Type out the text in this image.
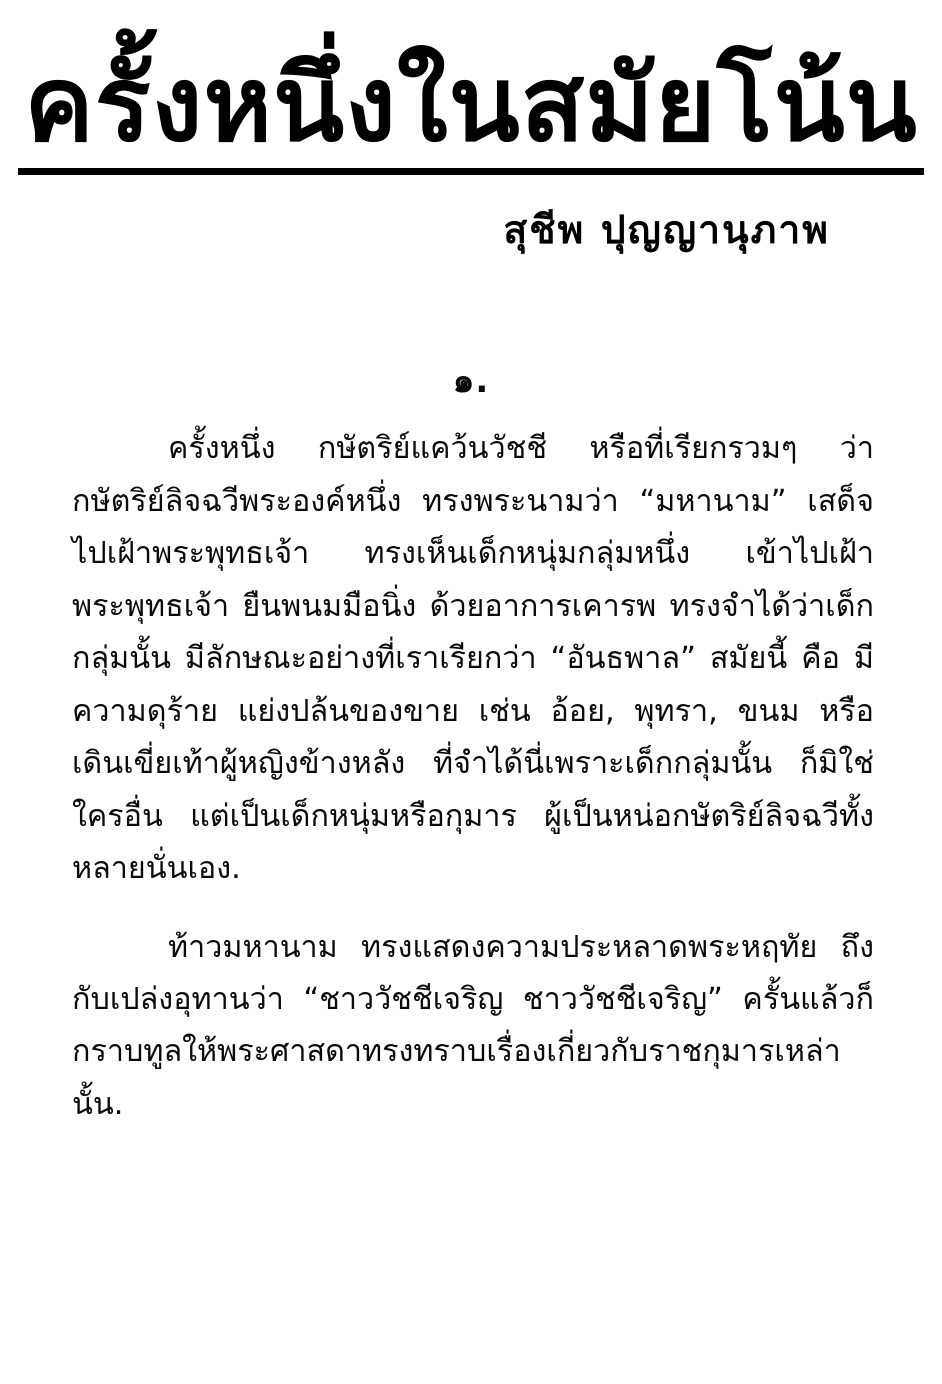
ครั้งหนึ่งในสมัยโน้น
สุชีพ ปุญญานุภาพ
๑.

ครั้งหนึ่ง กษัตริย์แคว้นวัชชี หรือที่เรียกรวมๆ ว่ากษัตริย์ลิจฉวีพระองค์หนึ่ง ทรงพระนามว่า “มหานาม” เสด็จไปเฝ้าพระพุทธเจ้า ทรงเห็นเด็กหนุ่มกลุ่มหนึ่ง เข้าไปเฝ้าพระพุทธเจ้า ยืนพนมมือนิ่ง ด้วยอาการเคารพ ทรงจำได้ว่าเด็กกลุ่มนั้น มีลักษณะอย่างที่เราเรียกว่า “อันธพาล” สมัยนี้ คือ มีความดุร้าย แย่งปล้นของขาย เช่น อ้อย, พุทรา, ขนม หรือเดินเขี่ยเท้าผู้หญิงข้างหลัง ที่จำได้นี่เพราะเด็กกลุ่มนั้น ก็มิใช่ใครอื่น แต่เป็นเด็กหนุ่มหรือกุมาร ผู้เป็นหน่อกษัตริย์ลิจฉวีทั้งหลายนั่นเอง.

ท้าวมหานาม ทรงแสดงความประหลาดพระหฤทัย ถึงกับเปล่งอุทานว่า “ชาววัชชีเจริญ ชาววัชชีเจริญ” ครั้นแล้วก็กราบทูลให้พระศาสดาทรงทราบเรื่องเกี่ยวกับราชกุมารเหล่านั้น.
